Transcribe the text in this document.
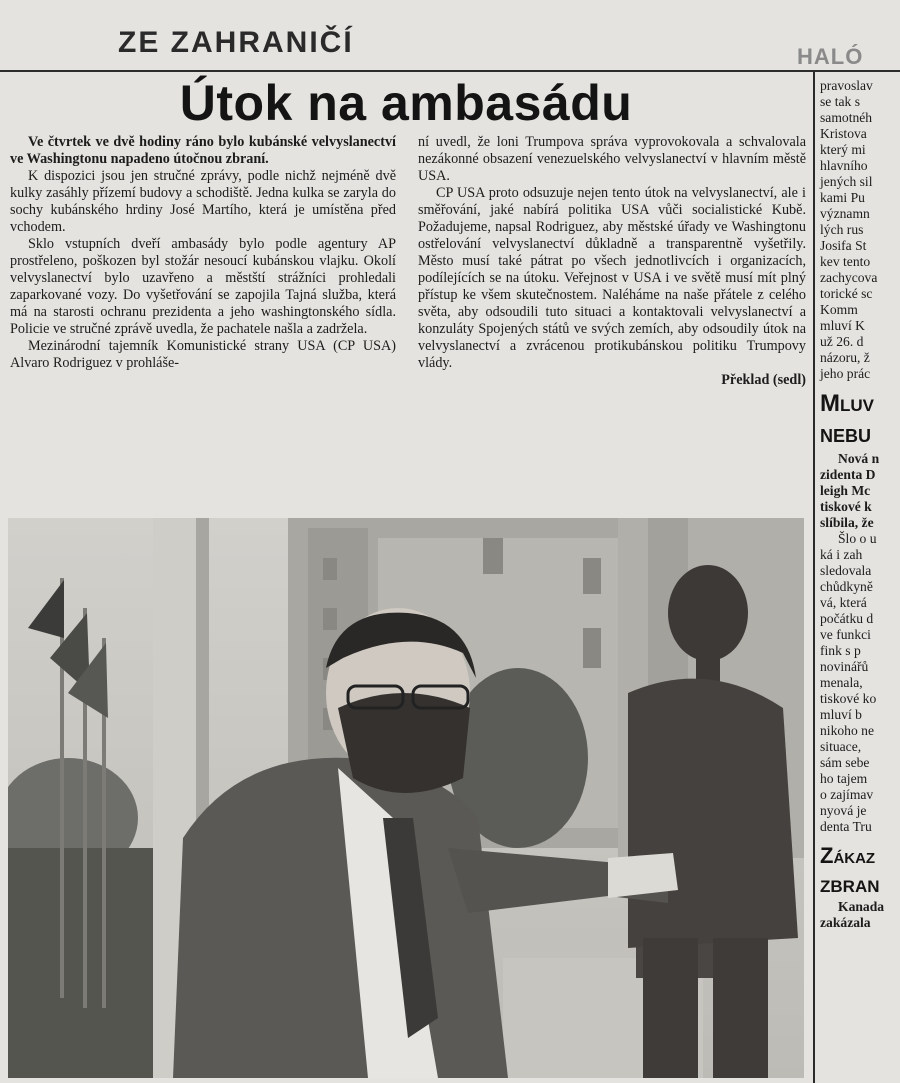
ZE ZAHRANIČÍ	HALÓ
Útok na ambasádu

Ve čtvrtek ve dvě hodiny ráno bylo kubánské velvyslanectví ve Washingtonu napadeno útočnou zbraní.

K dispozici jsou jen stručné zprávy, podle nichž nejméně dvě kulky zasáhly přízemí budovy a schodiště. Jedna kulka se zaryla do sochy kubánského hrdiny José Martího, která je umístěna před vchodem.

Sklo vstupních dveří ambasády bylo podle agentury AP prostřeleno, poškozen byl stožár nesoucí kubánskou vlajku. Okolí velvyslanectví bylo uzavřeno a městští strážníci prohledali zaparkované vozy. Do vyšetřování se zapojila Tajná služba, která má na starosti ochranu prezidenta a jeho washingtonského sídla. Policie ve stručné zprávě uvedla, že pachatele našla a zadržela.

Mezinárodní tajemník Komunistické strany USA (CP USA) Alvaro Rodriguez v prohláše-

ní uvedl, že loni Trumpova správa vyprovokovala a schvalovala nezákonné obsazení venezuelského velvyslanectví v hlavním městě USA.

CP USA proto odsuzuje nejen tento útok na velvyslanectví, ale i směřování, jaké nabírá politika USA vůči socialistické Kubě. Požadujeme, napsal Rodriguez, aby městské úřady ve Washingtonu ostřelování velvyslanectví důkladně a transparentně vyšetřily. Město musí také pátrat po všech jednotlivcích i organizacích, podílejících se na útoku. Veřejnost v USA i ve světě musí mít plný přístup ke všem skutečnostem. Naléháme na naše přátele z celého světa, aby odsoudili tuto situaci a kontaktovali velvyslanectví a konzuláty Spojených států ve svých zemích, aby odsoudily útok na velvyslanectví a zvrácenou protikubánskou politiku Trumpovy vlády.

Překlad (sedl)

pravoslav
se tak s
samotnéh
Kristova
který mi
hlavního
jených sil
kami Pu
významn
lých rus
Josifa St
kev tento
zachycova
torické sc
Komm
mluví K
už 26. d
názoru, ž
jeho prác
Mluv
NEBU
Nová n
zidenta D
leigh Mc
tiskové k
slíbila, že
Šlo o u
ká i zah
sledovala
chůdkyně
vá, která
počátku d
ve funkci
fink s p
novinářů
menala,
tiskové ko
mluví b
nikoho ne
situace,
sám sebe
ho tajem
o zajímav
nyová je
denta Tru
Zákaz
ZBRAN
Kanada
zakázala
